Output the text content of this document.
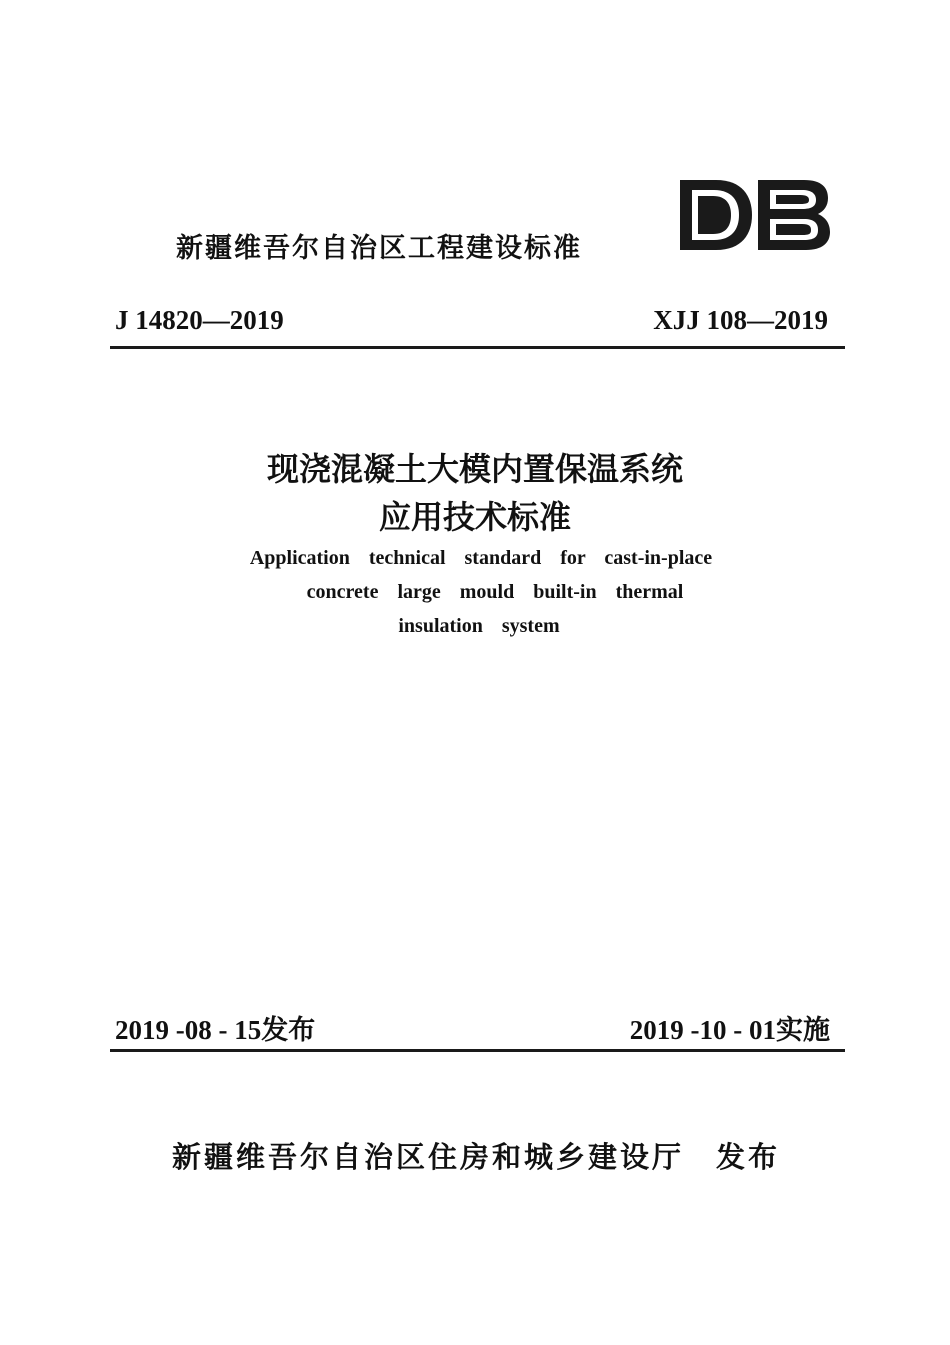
新疆维吾尔自治区工程建设标准
J 14820—2019	XJJ 108—2019
现浇混凝土大模内置保温系统
应用技术标准
Application technical standard for cast-in-place
concrete large mould built-in thermal
insulation system
2019 -08 - 15发布	2019 -10 - 01实施
新疆维吾尔自治区住房和城乡建设厅　发布
